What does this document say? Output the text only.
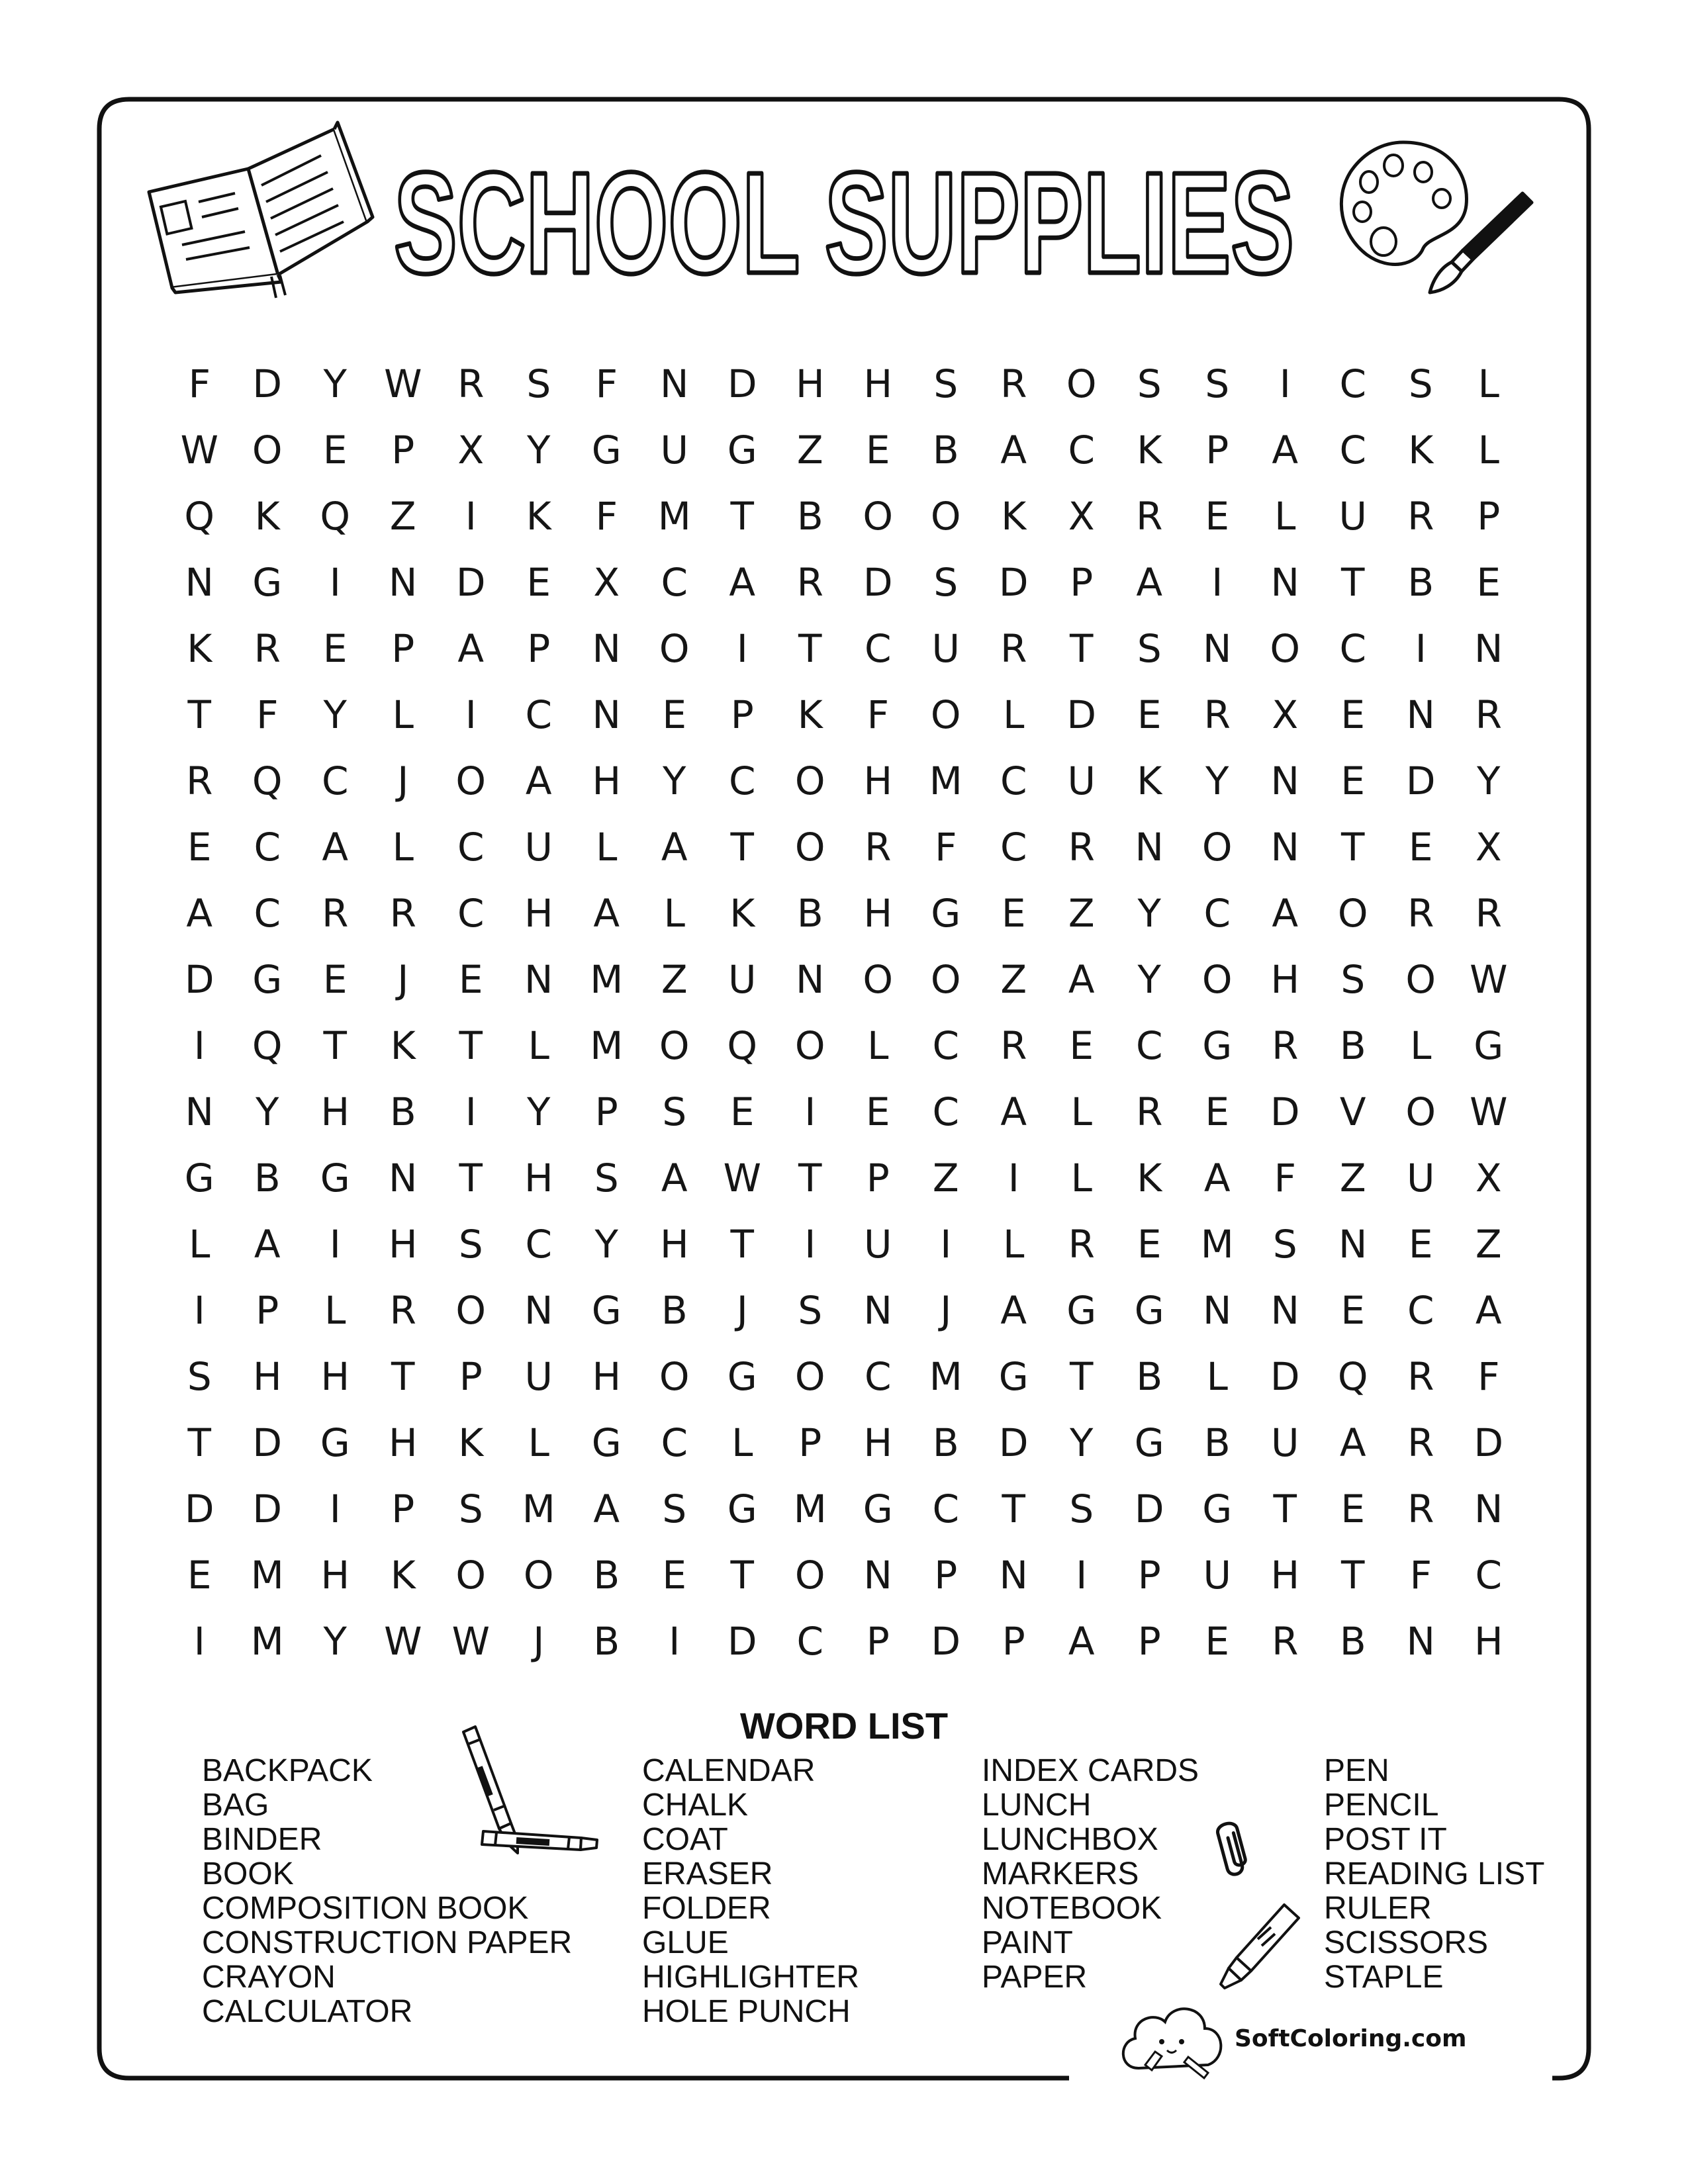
SCHOOL SUPPLIES
F	D	Y W R	S	F	N	D	H	H	S	R	O	S	S	I	C	S	L
W O	E	P	X	Y	G	U	G	Z	E	B	A	C	K	P	A	C	K	L
Q	K	Q	Z	I	K	F	M	T	B	O O	K	X	R	E	L	U	R	P
N	G	I	N	D	E	X	C	A	R	D	S	D	P	A	I	N	T	B	E
K	R	E	P	A	P	N O	I	T	C	U	R	T	S	N O	C	I	N
T	F	Y	L	I	C	N	E	P	K	F	O	L	D	E	R	X	E	N	R
R	Q	C	J	O	A	H	Y	C	O H M C	U	K	Y	N	E	D	Y
E	C	A	L	C	U	L	A	T	O	R	F	C	R	N O N	T	E	X
A	C	R	R	C	H	A	L	K	B	H	G	E	Z	Y	C	A	O	R	R
D G	E	J	E	N M Z	U	N O O	Z	A	Y	O H	S	O W
I	Q	T	K	T	L	M O Q O	L	C	R	E	C	G	R	B	L	G
N	Y	H	B	I	Y	P	S	E	I	E	C	A	L	R	E	D	V	O W
G	B	G	N	T	H	S	A W T	P	Z	I	L	K	A	F	Z	U	X
L	A	I	H	S	C	Y	H	T	I	U	I	L	R	E	M	S	N	E	Z
I	P	L	R	O N	G	B	J	S	N	J	A	G G	N	N	E	C	A
S	H	H	T	P	U	H O G O	C M G	T	B	L	D Q	R	F
T	D G	H	K	L	G	C	L	P	H	B	D	Y	G	B	U	A	R	D
D D	I	P	S	M A	S	G M G	C	T	S	D G	T	E	R	N
E	M H	K	O O	B	E	T	O N	P	N	I	P	U	H	T	F	C
I	M	Y W W	J	B	I	D	C	P	D	P	A	P	E	R	B	N	H
WORD LIST
BACKPACK
BAG
BINDER
BOOK
COMPOSITION BOOK
CONSTRUCTION PAPER
CRAYON
CALCULATOR
CALENDAR
CHALK
COAT
ERASER
FOLDER
GLUE
HIGHLIGHTER
HOLE PUNCH
INDEX CARDS
LUNCH
LUNCHBOX
MARKERS
NOTEBOOK
PAINT
PAPER
PEN
PENCIL
POST IT
READING LIST
RULER
SCISSORS
STAPLE
SoftColoring.com
